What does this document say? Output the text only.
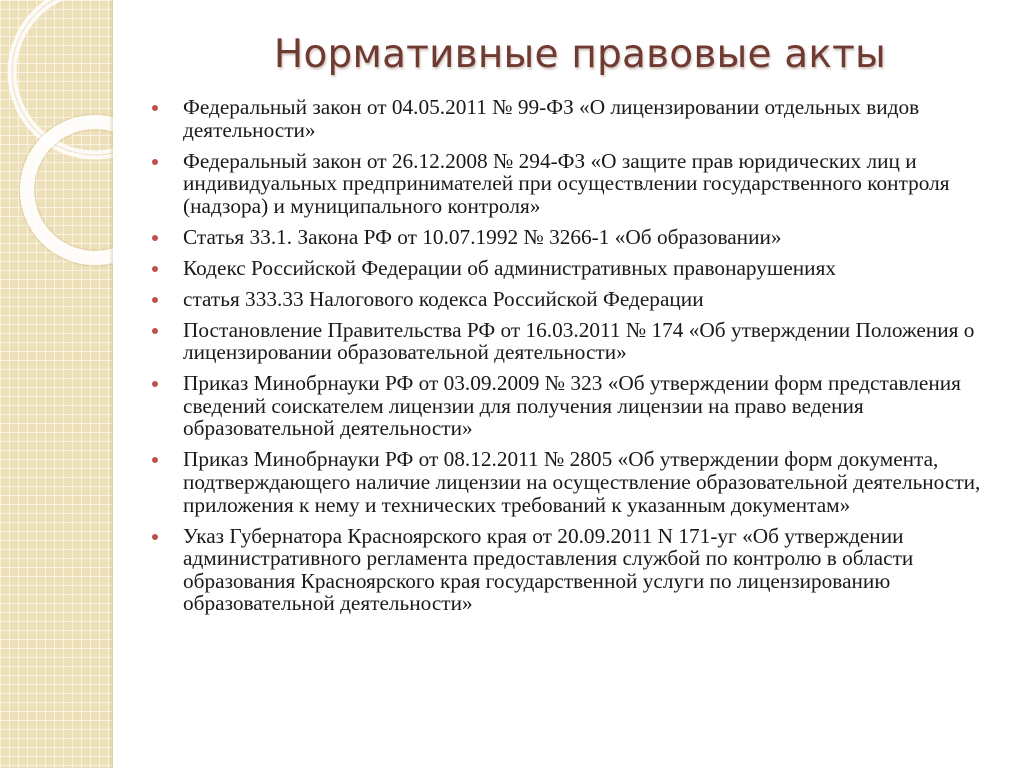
Нормативные правовые акты
Федеральный закон от 04.05.2011 № 99-ФЗ «О лицензировании отдельных видов деятельности»
Федеральный закон от 26.12.2008 № 294-ФЗ «О защите прав юридических лиц и индивидуальных предпринимателей при осуществлении государственного контроля (надзора) и муниципального контроля»
Статья 33.1. Закона РФ от 10.07.1992 № 3266-1 «Об образовании»
Кодекс Российской Федерации об административных правонарушениях
статья 333.33 Налогового кодекса Российской Федерации
Постановление Правительства РФ от 16.03.2011 № 174 «Об утверждении Положения о лицензировании образовательной деятельности»
Приказ Минобрнауки РФ от 03.09.2009 № 323 «Об утверждении форм представления сведений соискателем лицензии для получения лицензии на право ведения образовательной деятельности»
Приказ Минобрнауки РФ от 08.12.2011 № 2805 «Об утверждении форм документа, подтверждающего наличие лицензии на осуществление образовательной деятельности, приложения к нему и технических требований к указанным документам»
Указ Губернатора Красноярского края от 20.09.2011 N 171-уг «Об утверждении административного регламента предоставления службой по контролю в области образования Красноярского края государственной услуги по лицензированию образовательной деятельности»
